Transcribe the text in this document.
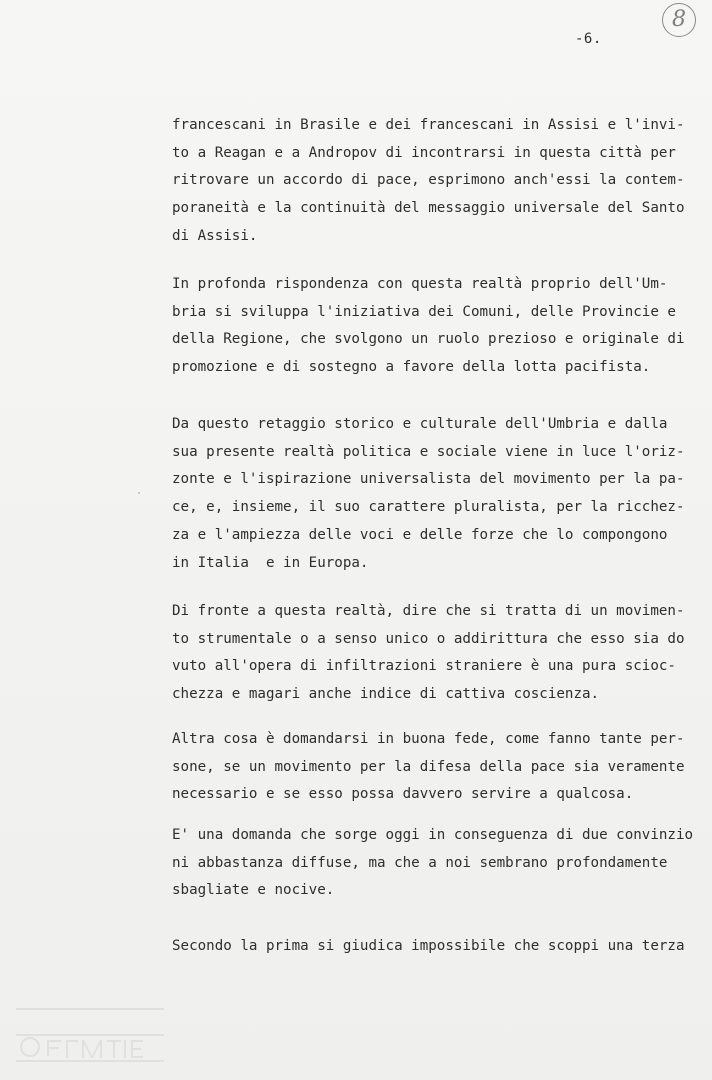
8
-6.
francescani in Brasile e dei francescani in Assisi e l'invi-
to a Reagan e a Andropov di incontrarsi in questa città per
ritrovare un accordo di pace, esprimono anch'essi la contem-
poraneità e la continuità del messaggio universale del Santo
di Assisi.
In profonda rispondenza con questa realtà proprio dell'Um-
bria si sviluppa l'iniziativa dei Comuni, delle Provincie e
della Regione, che svolgono un ruolo prezioso e originale di
promozione e di sostegno a favore della lotta pacifista.
Da questo retaggio storico e culturale dell'Umbria e dalla
sua presente realtà politica e sociale viene in luce l'oriz-
zonte e l'ispirazione universalista del movimento per la pa-
ce, e, insieme, il suo carattere pluralista, per la ricchez-
za e l'ampiezza delle voci e delle forze che lo compongono
in Italia  e in Europa.
Di fronte a questa realtà, dire che si tratta di un movimen-
to strumentale o a senso unico o addirittura che esso sia do
vuto all'opera di infiltrazioni straniere è una pura scioc-
chezza e magari anche indice di cattiva coscienza.
Altra cosa è domandarsi in buona fede, come fanno tante per-
sone, se un movimento per la difesa della pace sia veramente
necessario e se esso possa davvero servire a qualcosa.
E' una domanda che sorge oggi in conseguenza di due convinzio
ni abbastanza diffuse, ma che a noi sembrano profondamente
sbagliate e nocive.
Secondo la prima si giudica impossibile che scoppi una terza
